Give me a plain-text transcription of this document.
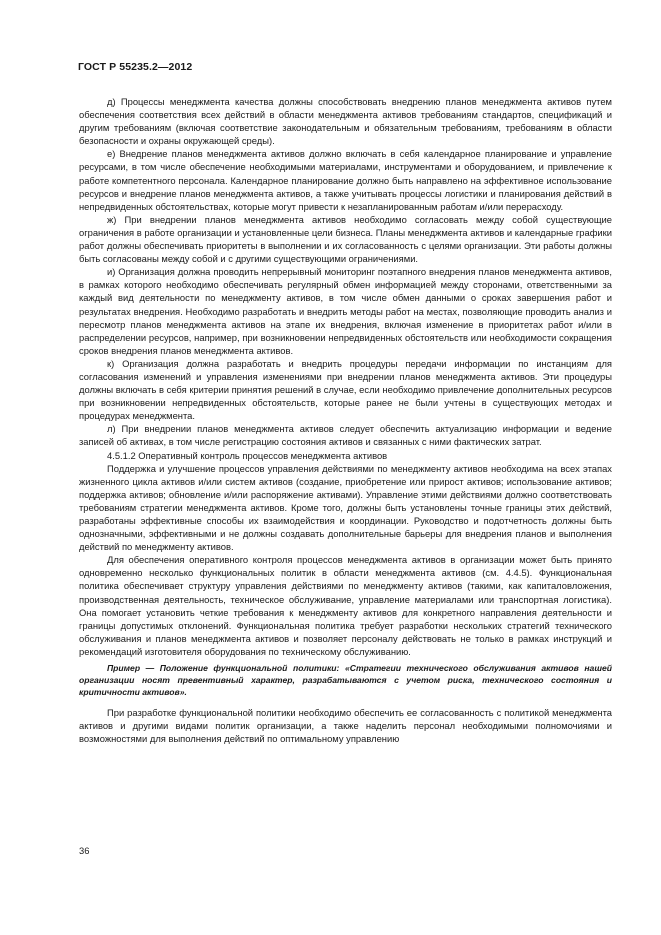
ГОСТ Р 55235.2—2012

д) Процессы менеджмента качества должны способствовать внедрению планов менеджмента активов путем обеспечения соответствия всех действий в области менеджмента активов требованиям стандартов, спецификаций и другим требованиям (включая соответствие законодательным и обязательным требованиям, требованиям в области безопасности и охраны окружающей среды).

е) Внедрение планов менеджмента активов должно включать в себя календарное планирование и управление ресурсами, в том числе обеспечение необходимыми материалами, инструментами и оборудованием, и привлечение к работе компетентного персонала. Календарное планирование должно быть направлено на эффективное использование ресурсов и внедрение планов менеджмента активов, а также учитывать процессы логистики и планирования действий в непредвиденных обстоятельствах, которые могут привести к незапланированным работам и/или перерасходу.

ж) При внедрении планов менеджмента активов необходимо согласовать между собой существующие ограничения в работе организации и установленные цели бизнеса. Планы менеджмента активов и календарные графики работ должны обеспечивать приоритеты в выполнении и их согласованность с целями организации. Эти работы должны быть согласованы между собой и с другими существующими ограничениями.

и) Организация должна проводить непрерывный мониторинг поэтапного внедрения планов менеджмента активов, в рамках которого необходимо обеспечивать регулярный обмен информацией между сторонами, ответственными за каждый вид деятельности по менеджменту активов, в том числе обмен данными о сроках завершения работ и результатах внедрения. Необходимо разработать и внедрить методы работ на местах, позволяющие проводить анализ и пересмотр планов менеджмента активов на этапе их внедрения, включая изменение в приоритетах работ и/или в распределении ресурсов, например, при возникновении непредвиденных обстоятельств или необходимости сокращения сроков внедрения планов менеджмента активов.

к) Организация должна разработать и внедрить процедуры передачи информации по инстанциям для согласования изменений и управления изменениями при внедрении планов менеджмента активов. Эти процедуры должны включать в себя критерии принятия решений в случае, если необходимо привлечение дополнительных ресурсов при возникновении непредвиденных обстоятельств, которые ранее не были учтены в существующих методах и процедурах менеджмента.

л) При внедрении планов менеджмента активов следует обеспечить актуализацию информации и ведение записей об активах, в том числе регистрацию состояния активов и связанных с ними фактических затрат.

4.5.1.2 Оперативный контроль процессов менеджмента активов

Поддержка и улучшение процессов управления действиями по менеджменту активов необходима на всех этапах жизненного цикла активов и/или систем активов (создание, приобретение или прирост активов; использование активов; поддержка активов; обновление и/или распоряжение активами). Управление этими действиями должно соответствовать требованиям стратегии менеджмента активов. Кроме того, должны быть установлены точные границы этих действий, разработаны эффективные способы их взаимодействия и координации. Руководство и подотчетность должны быть однозначными, эффективными и не должны создавать дополнительные барьеры для внедрения планов и выполнения действий по менеджменту активов.

Для обеспечения оперативного контроля процессов менеджмента активов в организации может быть принято одновременно несколько функциональных политик в области менеджмента активов (см. 4.4.5). Функциональная политика обеспечивает структуру управления действиями по менеджменту активов (такими, как капиталовложения, производственная деятельность, техническое обслуживание, управление материалами или транспортная логистика). Она помогает установить четкие требования к менеджменту активов для конкретного направления деятельности и границы допустимых отклонений. Функциональная политика требует разработки нескольких стратегий технического обслуживания и планов менеджмента активов и позволяет персоналу действовать не только в рамках инструкций и рекомендаций изготовителя оборудования по техническому обслуживанию.

Пример — Положение функциональной политики: «Стратегии технического обслуживания активов нашей организации носят превентивный характер, разрабатываются с учетом риска, технического состояния и критичности активов».

При разработке функциональной политики необходимо обеспечить ее согласованность с политикой менеджмента активов и другими видами политик организации, а также наделить персонал необходимыми полномочиями и возможностями для выполнения действий по оптимальному управлению

36
